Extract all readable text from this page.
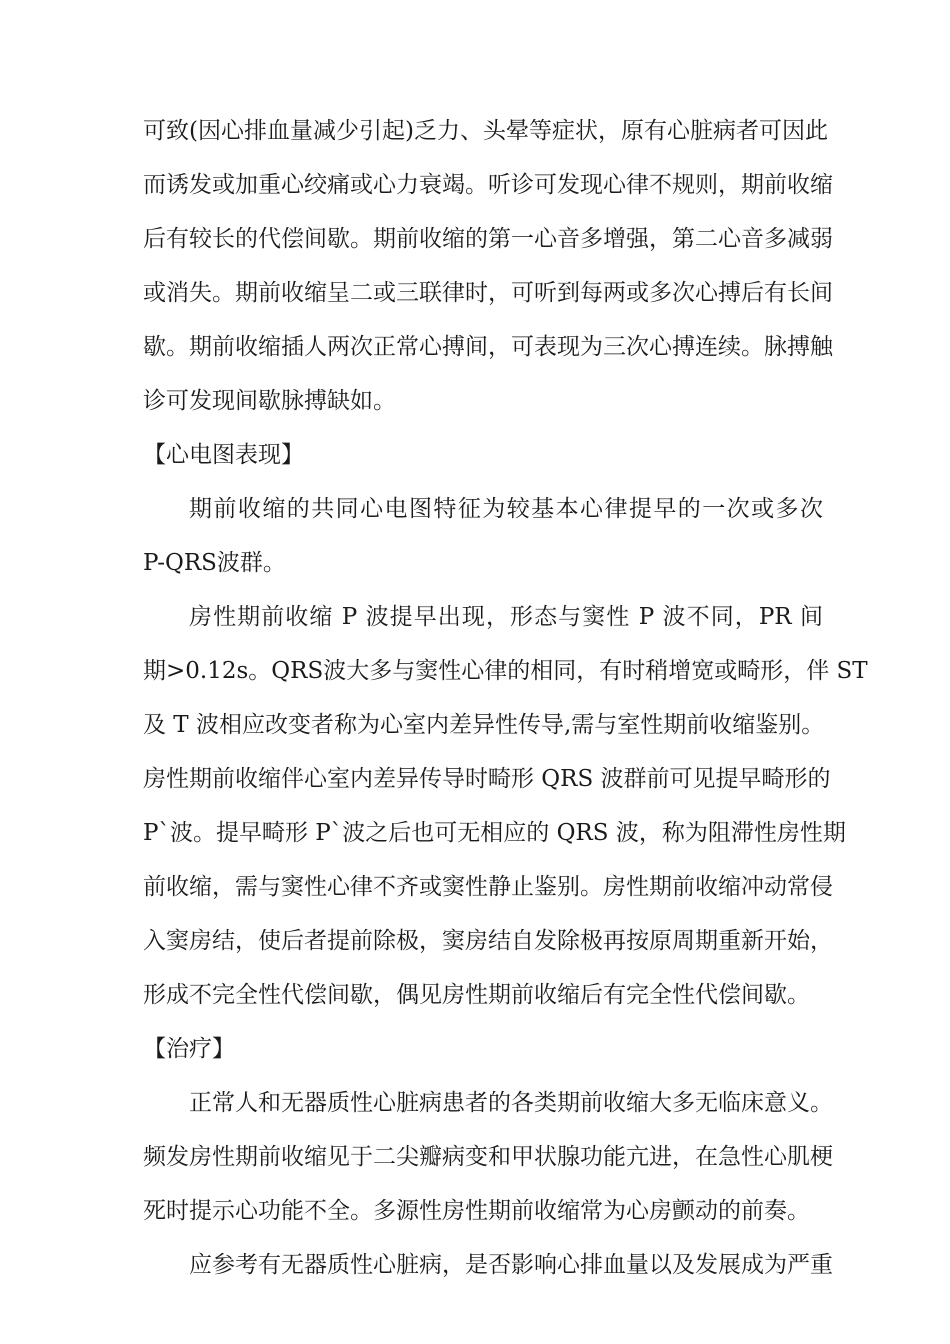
可致(因心排血量减少引起)乏力、头晕等症状，原有心脏病者可因此
而诱发或加重心绞痛或心力衰竭。听诊可发现心律不规则，期前收缩
后有较长的代偿间歇。期前收缩的第一心音多增强，第二心音多减弱
或消失。期前收缩呈二或三联律时，可听到每两或多次心搏后有长间
歇。期前收缩插人两次正常心搏间，可表现为三次心搏连续。脉搏触
诊可发现间歇脉搏缺如。
【心电图表现】
期前收缩的共同心电图特征为较基本心律提早的一次或多次
P-QRS波群。
房性期前收缩 P 波提早出现，形态与窦性 P 波不同，PR 间
期>0.12s。QRS波大多与窦性心律的相同，有时稍增宽或畸形，伴 ST
及 T 波相应改变者称为心室内差异性传导,需与室性期前收缩鉴别。
房性期前收缩伴心室内差异传导时畸形 QRS 波群前可见提早畸形的
P`波。提早畸形 P`波之后也可无相应的 QRS 波，称为阻滞性房性期
前收缩，需与窦性心律不齐或窦性静止鉴别。房性期前收缩冲动常侵
入窦房结，使后者提前除极，窦房结自发除极再按原周期重新开始，
形成不完全性代偿间歇，偶见房性期前收缩后有完全性代偿间歇。
【治疗】
正常人和无器质性心脏病患者的各类期前收缩大多无临床意义。
频发房性期前收缩见于二尖瓣病变和甲状腺功能亢进，在急性心肌梗
死时提示心功能不全。多源性房性期前收缩常为心房颤动的前奏。
应参考有无器质性心脏病，是否影响心排血量以及发展成为严重
